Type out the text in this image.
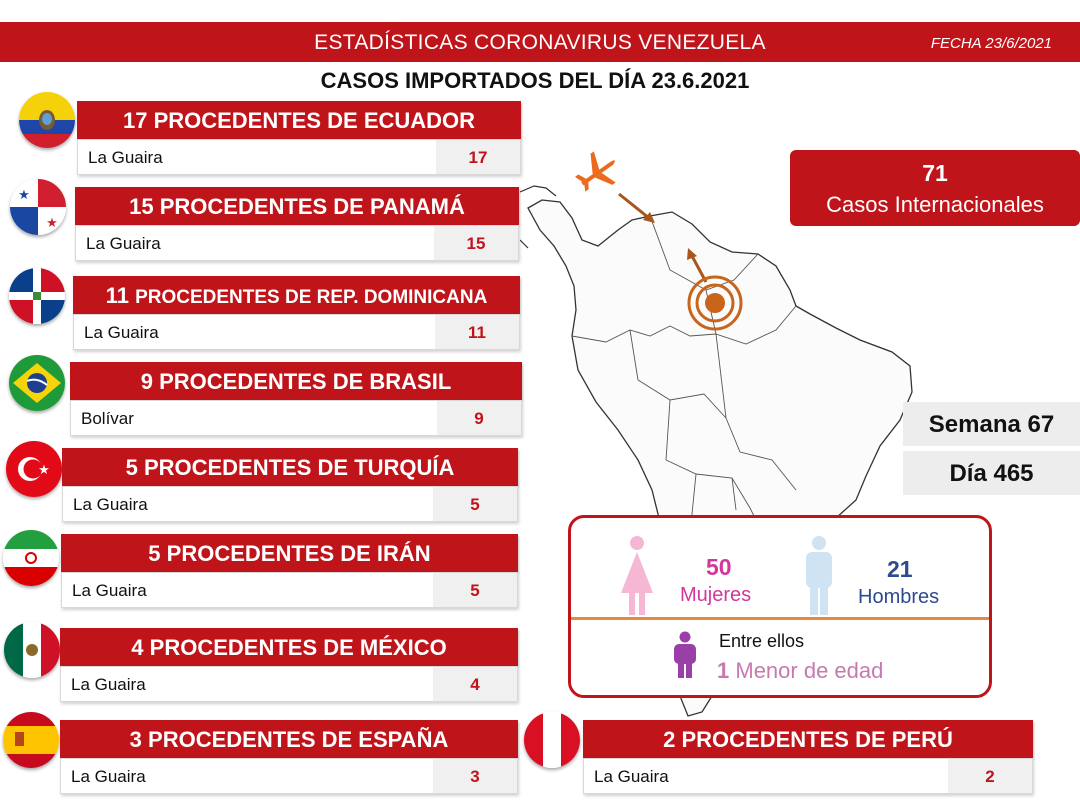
ESTADÍSTICAS CORONAVIRUS VENEZUELA	FECHA 23/6/2021
CASOS IMPORTADOS DEL DÍA 23.6.2021
★
★
★
17 PROCEDENTES DE ECUADOR
La Guaira	17
15 PROCEDENTES DE PANAMÁ
La Guaira	15
11 PROCEDENTES DE REP. DOMINICANA
La Guaira	11
9 PROCEDENTES DE BRASIL
Bolívar	9
5 PROCEDENTES DE TURQUÍA
La Guaira	5
5 PROCEDENTES DE IRÁN
La Guaira	5
4 PROCEDENTES DE MÉXICO
La Guaira	4
3 PROCEDENTES DE ESPAÑA
La Guaira	3
2 PROCEDENTES DE PERÚ
La Guaira	2
71
Casos Internacionales
Semana 67
Día 465
50
Mujeres
21
Hombres
Entre ellos
1 Menor de edad
